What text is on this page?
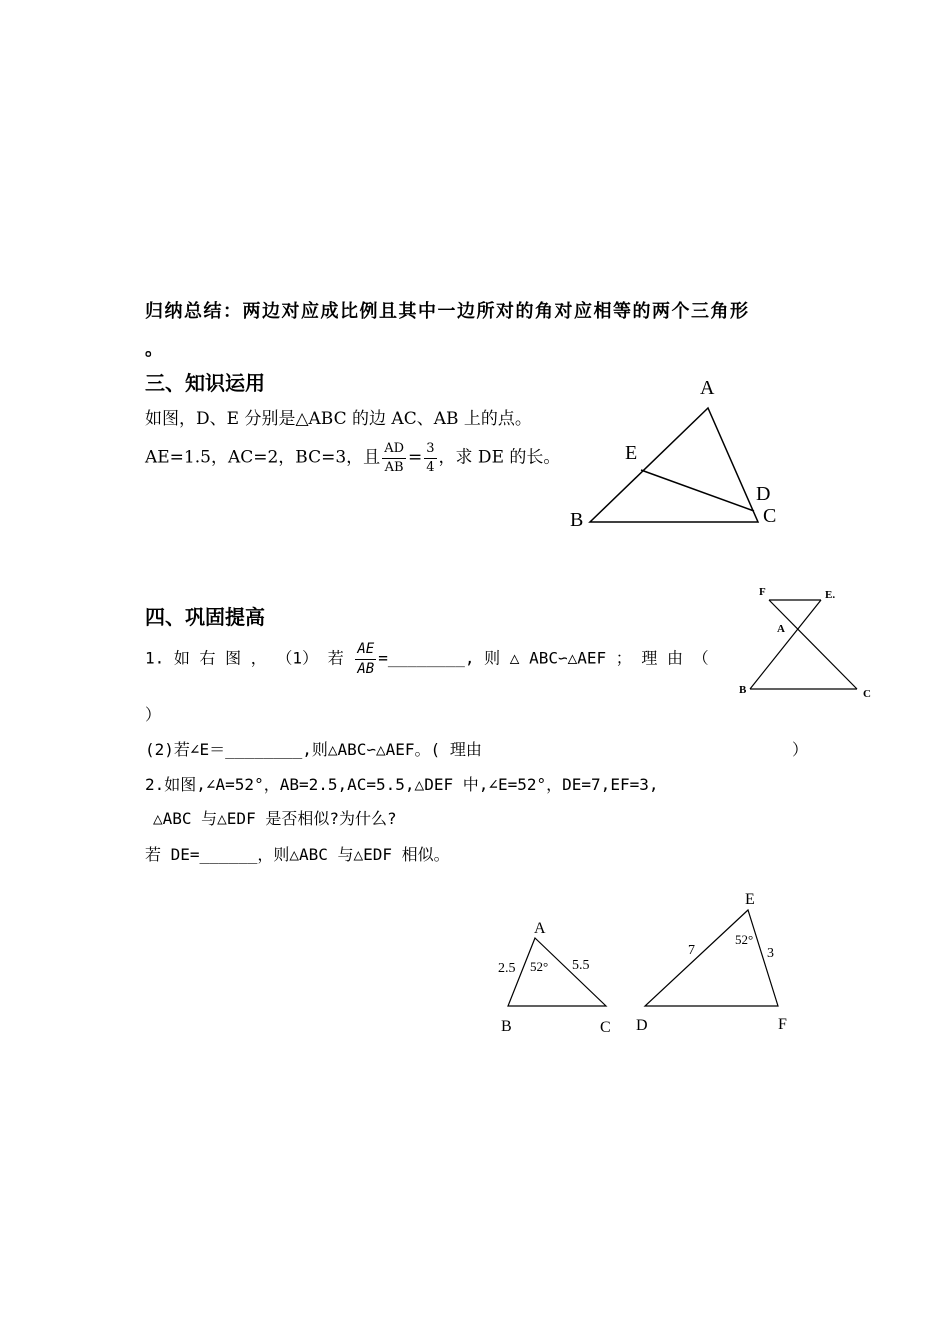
归纳总结：两边对应成比例且其中一边所对的角对应相等的两个三角形
。
三、知识运用
如图，D、E 分别是△ABC 的边 AC、AB 上的点。
AE=1.5，AC=2，BC=3，且 $\frac{AD}{AB} = \frac{3}{4}$ ，求 DE 的长。
A
E
D
B	C
四、巩固提高
1. 如 右 图 ， （1） 若 $\frac{AE}{AB}$ =________, 则 △ ABC∽△AEF ； 理 由 （
）
(2)若∠E＝________,则△ABC∽△AEF。( 理由	）
2.如图,∠A=52°，AB=2.5,AC=5.5,△DEF 中,∠E=52°，DE=7,EF=3,
△ABC 与△EDF 是否相似?为什么?
若 DE=______，则△ABC 与△EDF 相似。
F	E.
A
B	C
A
2.5 52° 5.5
B	C
E
7
52°
3
D	F
